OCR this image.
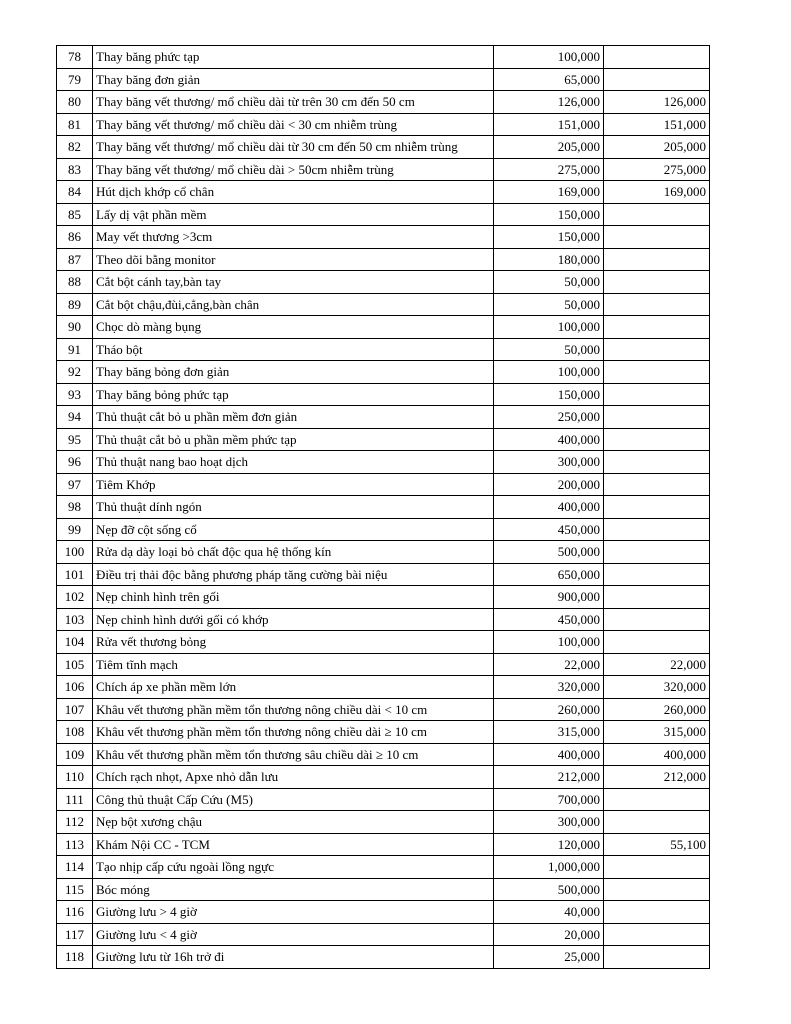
78	Thay băng phức tạp	100,000	
79	Thay băng đơn giản	65,000	
80	Thay băng vết thương/ mổ chiều dài từ trên 30 cm đến 50 cm	126,000	126,000
81	Thay băng vết thương/ mổ chiều dài < 30 cm nhiễm trùng	151,000	151,000
82	Thay băng vết thương/ mổ chiều dài từ 30 cm đến 50 cm nhiễm trùng	205,000	205,000
83	Thay băng vết thương/ mổ chiều dài > 50cm nhiễm trùng	275,000	275,000
84	Hút dịch khớp cổ chân	169,000	169,000
85	Lấy dị vật phần mềm	150,000	
86	May vết thương >3cm	150,000	
87	Theo dõi bằng monitor	180,000	
88	Cắt bột cánh tay,bàn tay	50,000	
89	Cắt bột chậu,đùi,cẳng,bàn chân	50,000	
90	Chọc dò màng bụng	100,000	
91	Tháo bột	50,000	
92	Thay băng bỏng đơn giản	100,000	
93	Thay băng bỏng phức tạp	150,000	
94	Thủ thuật cắt bỏ u phần mềm đơn giản	250,000	
95	Thủ thuật cắt bỏ u phần mềm phức tạp	400,000	
96	Thủ thuật nang bao hoạt dịch	300,000	
97	Tiêm Khớp	200,000	
98	Thủ thuật dính ngón	400,000	
99	Nẹp đỡ cột sống cổ	450,000	
100	Rửa dạ dày loại bỏ chất độc qua hệ thống kín	500,000	
101	Điều trị thải độc bằng phương pháp tăng cường bài niệu	650,000	
102	Nẹp chỉnh hình trên gối	900,000	
103	Nẹp chỉnh hình dưới gối có khớp	450,000	
104	Rửa vết thương bỏng	100,000	
105	Tiêm tĩnh mạch	22,000	22,000
106	Chích áp xe phần mềm lớn	320,000	320,000
107	Khâu vết thương phần mềm tổn thương nông chiều dài < 10 cm	260,000	260,000
108	Khâu vết thương phần mềm tổn thương nông chiều dài ≥ 10 cm	315,000	315,000
109	Khâu vết thương phần mềm tổn thương sâu chiều dài ≥ 10 cm	400,000	400,000
110	Chích rạch nhọt, Apxe nhỏ dẫn lưu	212,000	212,000
111	Công thủ thuật Cấp Cứu (M5)	700,000	
112	Nẹp bột xương chậu	300,000	
113	Khám Nội CC - TCM	120,000	55,100
114	Tạo nhịp cấp cứu ngoài lồng ngực	1,000,000	
115	Bóc móng	500,000	
116	Giường lưu > 4 giờ	40,000	
117	Giường lưu < 4 giờ	20,000	
118	Giường lưu từ 16h trở đi	25,000	
